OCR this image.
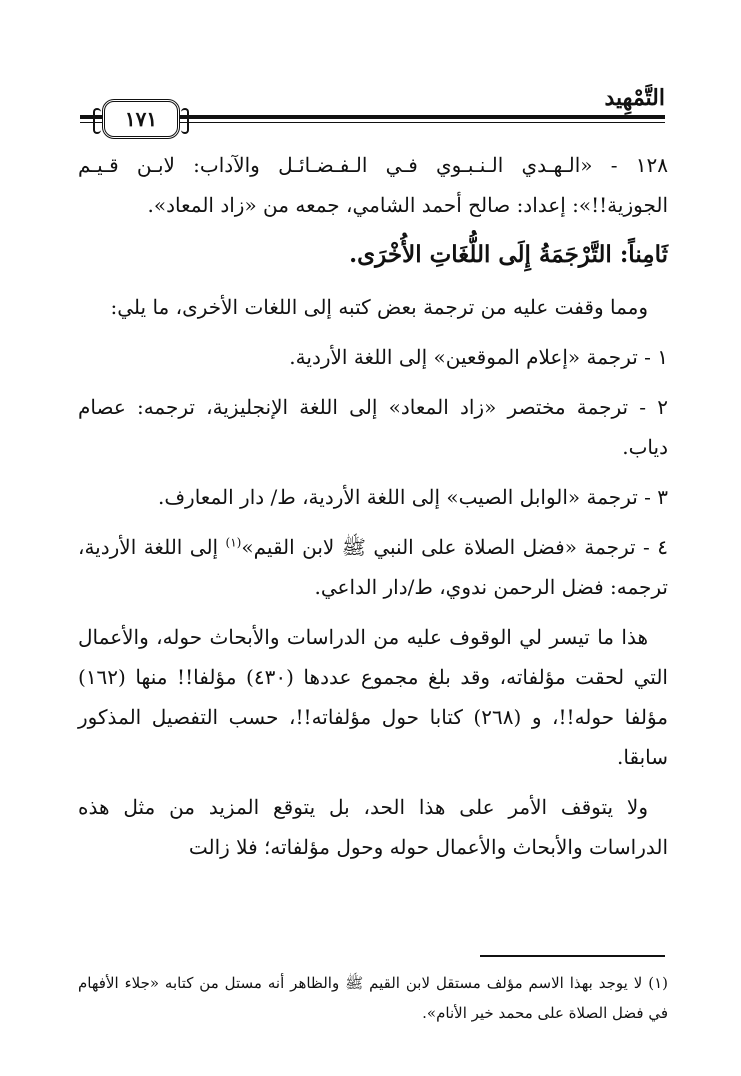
التَّمْهِيد
١٧١

١٢٨ - «الـهـدي الـنـبـوي فـي الـفـضـائـل والآداب: لابـن قـيـم الجوزية!!»: إعداد: صالح أحمد الشامي، جمعه من «زاد المعاد».

ثَامِناً: التَّرْجَمَةُ إِلَى اللُّغَاتِ الأُخْرَى.

ومما وقفت عليه من ترجمة بعض كتبه إلى اللغات الأخرى، ما يلي:

١ - ترجمة «إعلام الموقعين» إلى اللغة الأردية.

٢ - ترجمة مختصر «زاد المعاد» إلى اللغة الإنجليزية، ترجمه: عصام دياب.

٣ - ترجمة «الوابل الصيب» إلى اللغة الأردية، ط/ دار المعارف.

٤ - ترجمة «فضل الصلاة على النبي ﷺ لابن القيم»$^{(١)}$ إلى اللغة الأردية، ترجمه: فضل الرحمن ندوي، ط/دار الداعي.

هذا ما تيسر لي الوقوف عليه من الدراسات والأبحاث حوله، والأعمال التي لحقت مؤلفاته، وقد بلغ مجموع عددها (٤٣٠) مؤلفا!! منها (١٦٢) مؤلفا حوله!!، و (٢٦٨) كتابا حول مؤلفاته!!، حسب التفصيل المذكور سابقا.

ولا يتوقف الأمر على هذا الحد، بل يتوقع المزيد من مثل هذه الدراسات والأبحاث والأعمال حوله وحول مؤلفاته؛ فلا زالت

(١) لا يوجد بهذا الاسم مؤلف مستقل لابن القيم ﷺ والظاهر أنه مستل من كتابه «جلاء الأفهام في فضل الصلاة على محمد خير الأنام».
